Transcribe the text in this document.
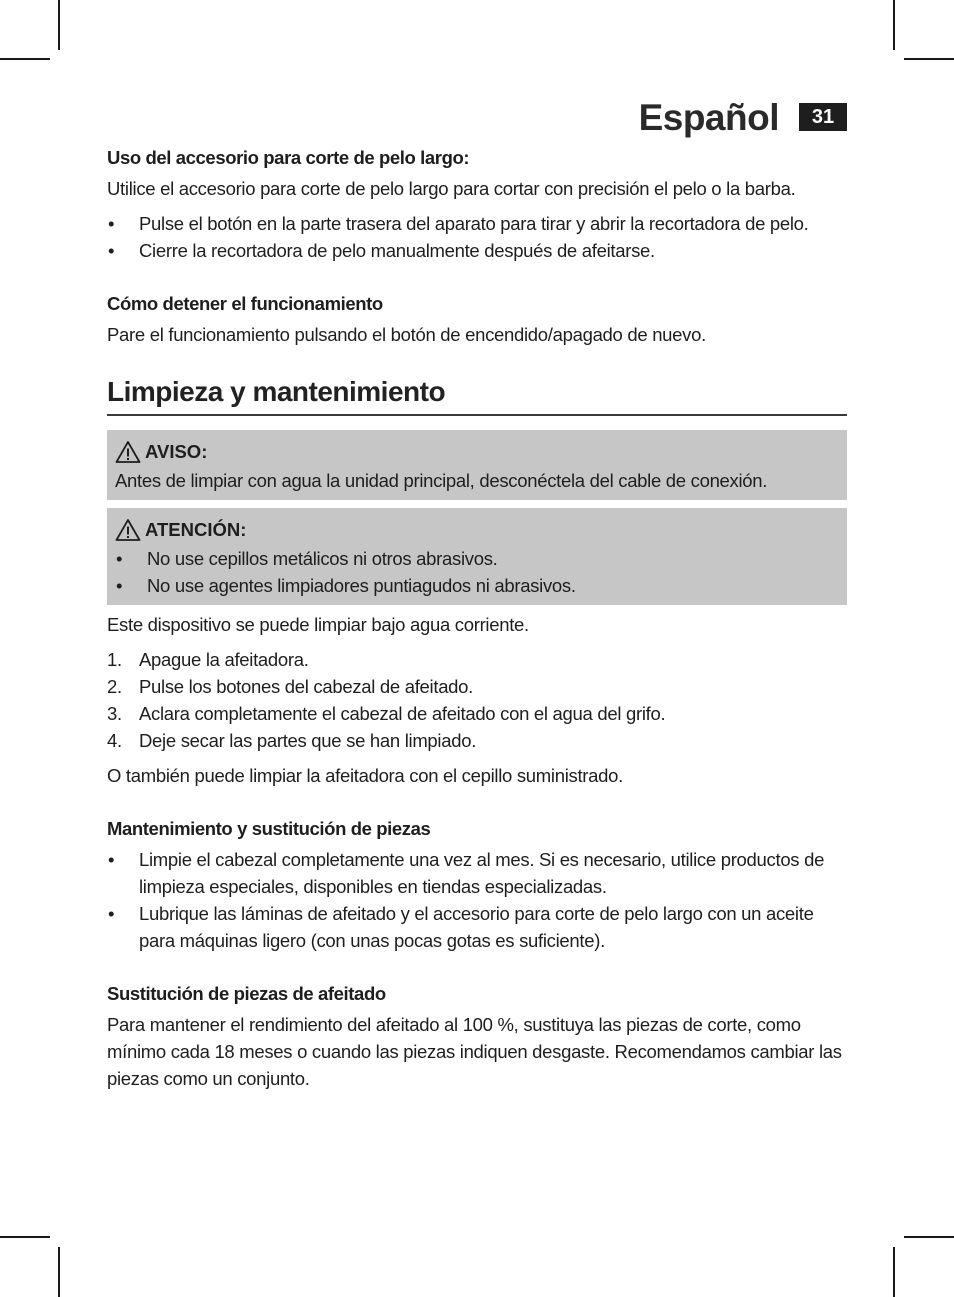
Español	31
Uso del accesorio para corte de pelo largo:

Utilice el accesorio para corte de pelo largo para cortar con precisión el pelo o la barba.

• Pulse el botón en la parte trasera del aparato para tirar y abrir la recortadora de pelo.
• Cierre la recortadora de pelo manualmente después de afeitarse.
Cómo detener el funcionamiento

Pare el funcionamiento pulsando el botón de encendido/apagado de nuevo.

Limpieza y mantenimiento
AVISO:

Antes de limpiar con agua la unidad principal, desconéctela del cable de conexión.

ATENCIÓN:
• No use cepillos metálicos ni otros abrasivos.
• No use agentes limpiadores puntiagudos ni abrasivos.

Este dispositivo se puede limpiar bajo agua corriente.

1. Apague la afeitadora.
2. Pulse los botones del cabezal de afeitado.
3. Aclara completamente el cabezal de afeitado con el agua del grifo.
4. Deje secar las partes que se han limpiado.

O también puede limpiar la afeitadora con el cepillo suministrado.

Mantenimiento y sustitución de piezas
• Limpie el cabezal completamente una vez al mes. Si es necesario, utilice productos de limpieza especiales, disponibles en tiendas especializadas.
• Lubrique las láminas de afeitado y el accesorio para corte de pelo largo con un aceite para máquinas ligero (con unas pocas gotas es suficiente).
Sustitución de piezas de afeitado

Para mantener el rendimiento del afeitado al 100 %, sustituya las piezas de corte, como mínimo cada 18 meses o cuando las piezas indiquen desgaste. Recomendamos cambiar las piezas como un conjunto.
